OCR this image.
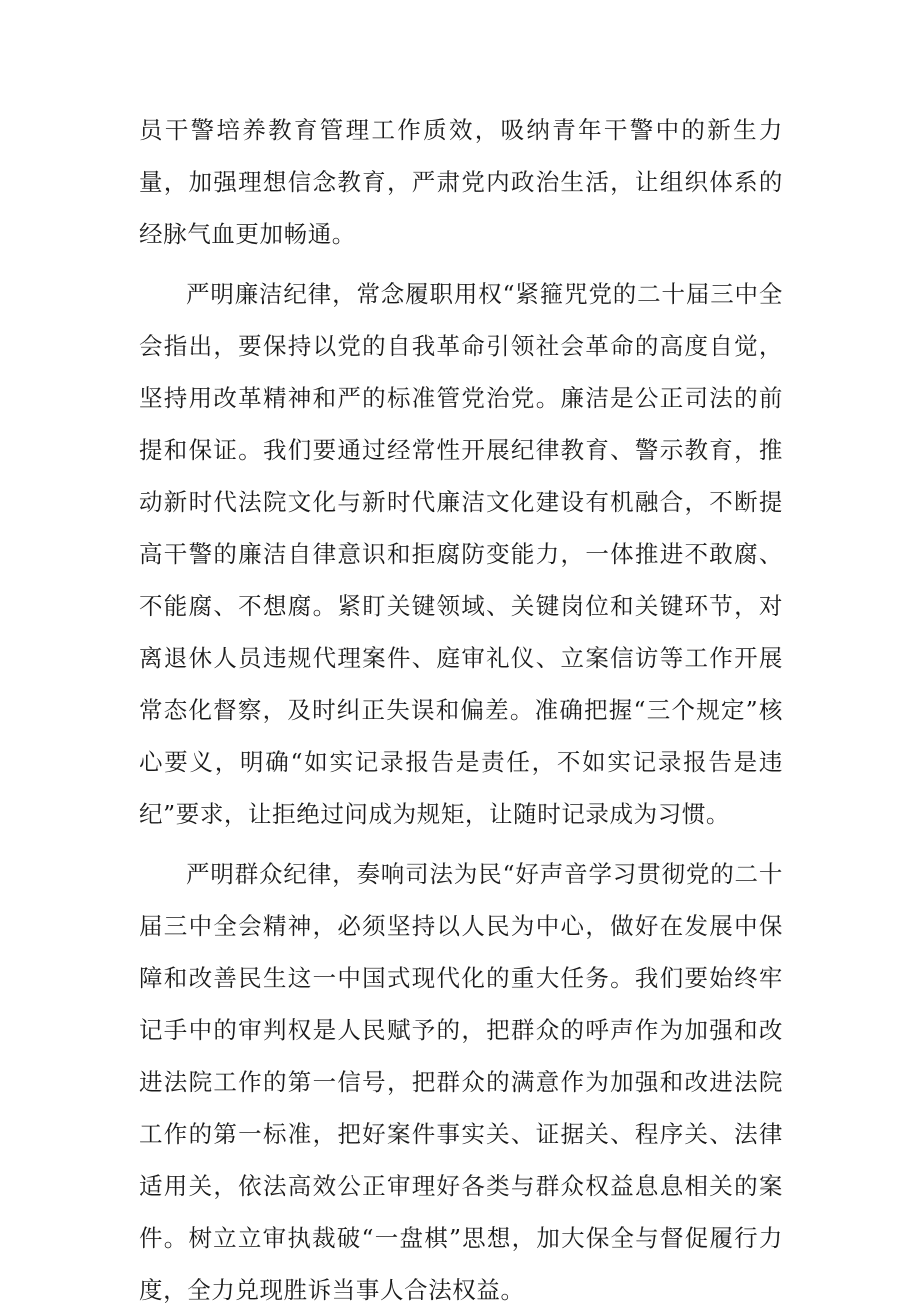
员干警培养教育管理工作质效，吸纳青年干警中的新生力量，加强理想信念教育，严肃党内政治生活，让组织体系的经脉气血更加畅通。

严明廉洁纪律，常念履职用权“紧箍咒党的二十届三中全会指出，要保持以党的自我革命引领社会革命的高度自觉，坚持用改革精神和严的标准管党治党。廉洁是公正司法的前提和保证。我们要通过经常性开展纪律教育、警示教育，推动新时代法院文化与新时代廉洁文化建设有机融合，不断提高干警的廉洁自律意识和拒腐防变能力，一体推进不敢腐、不能腐、不想腐。紧盯关键领域、关键岗位和关键环节，对离退休人员违规代理案件、庭审礼仪、立案信访等工作开展常态化督察，及时纠正失误和偏差。准确把握“三个规定”核心要义，明确“如实记录报告是责任，不如实记录报告是违纪”要求，让拒绝过问成为规矩，让随时记录成为习惯。

严明群众纪律，奏响司法为民“好声音学习贯彻党的二十届三中全会精神，必须坚持以人民为中心，做好在发展中保障和改善民生这一中国式现代化的重大任务。我们要始终牢记手中的审判权是人民赋予的，把群众的呼声作为加强和改进法院工作的第一信号，把群众的满意作为加强和改进法院工作的第一标准，把好案件事实关、证据关、程序关、法律适用关，依法高效公正审理好各类与群众权益息息相关的案件。树立立审执裁破“一盘棋”思想，加大保全与督促履行力度，全力兑现胜诉当事人合法权益。
